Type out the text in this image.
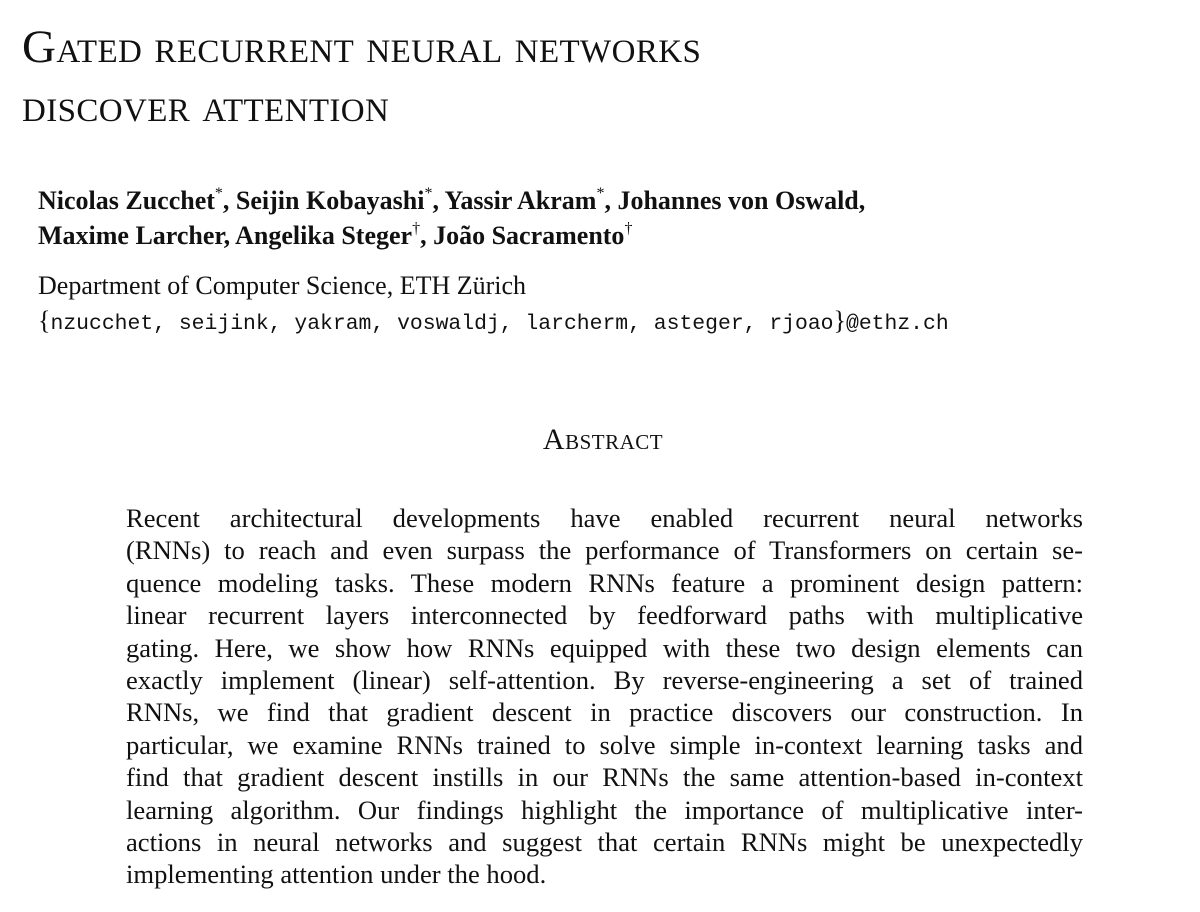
Gated recurrent neural networks
discover attention
Nicolas Zucchet*, Seijin Kobayashi*, Yassir Akram*, Johannes von Oswald,
Maxime Larcher, Angelika Steger†, João Sacramento†
Department of Computer Science, ETH Zürich
{nzucchet, seijink, yakram, voswaldj, larcherm, asteger, rjoao}@ethz.ch
Abstract
Recent architectural developments have enabled recurrent neural networks
(RNNs) to reach and even surpass the performance of Transformers on certain se-
quence modeling tasks. These modern RNNs feature a prominent design pattern:
linear recurrent layers interconnected by feedforward paths with multiplicative
gating. Here, we show how RNNs equipped with these two design elements can
exactly implement (linear) self-attention. By reverse-engineering a set of trained
RNNs, we find that gradient descent in practice discovers our construction. In
particular, we examine RNNs trained to solve simple in-context learning tasks and
find that gradient descent instills in our RNNs the same attention-based in-context
learning algorithm. Our findings highlight the importance of multiplicative inter-
actions in neural networks and suggest that certain RNNs might be unexpectedly
implementing attention under the hood.
